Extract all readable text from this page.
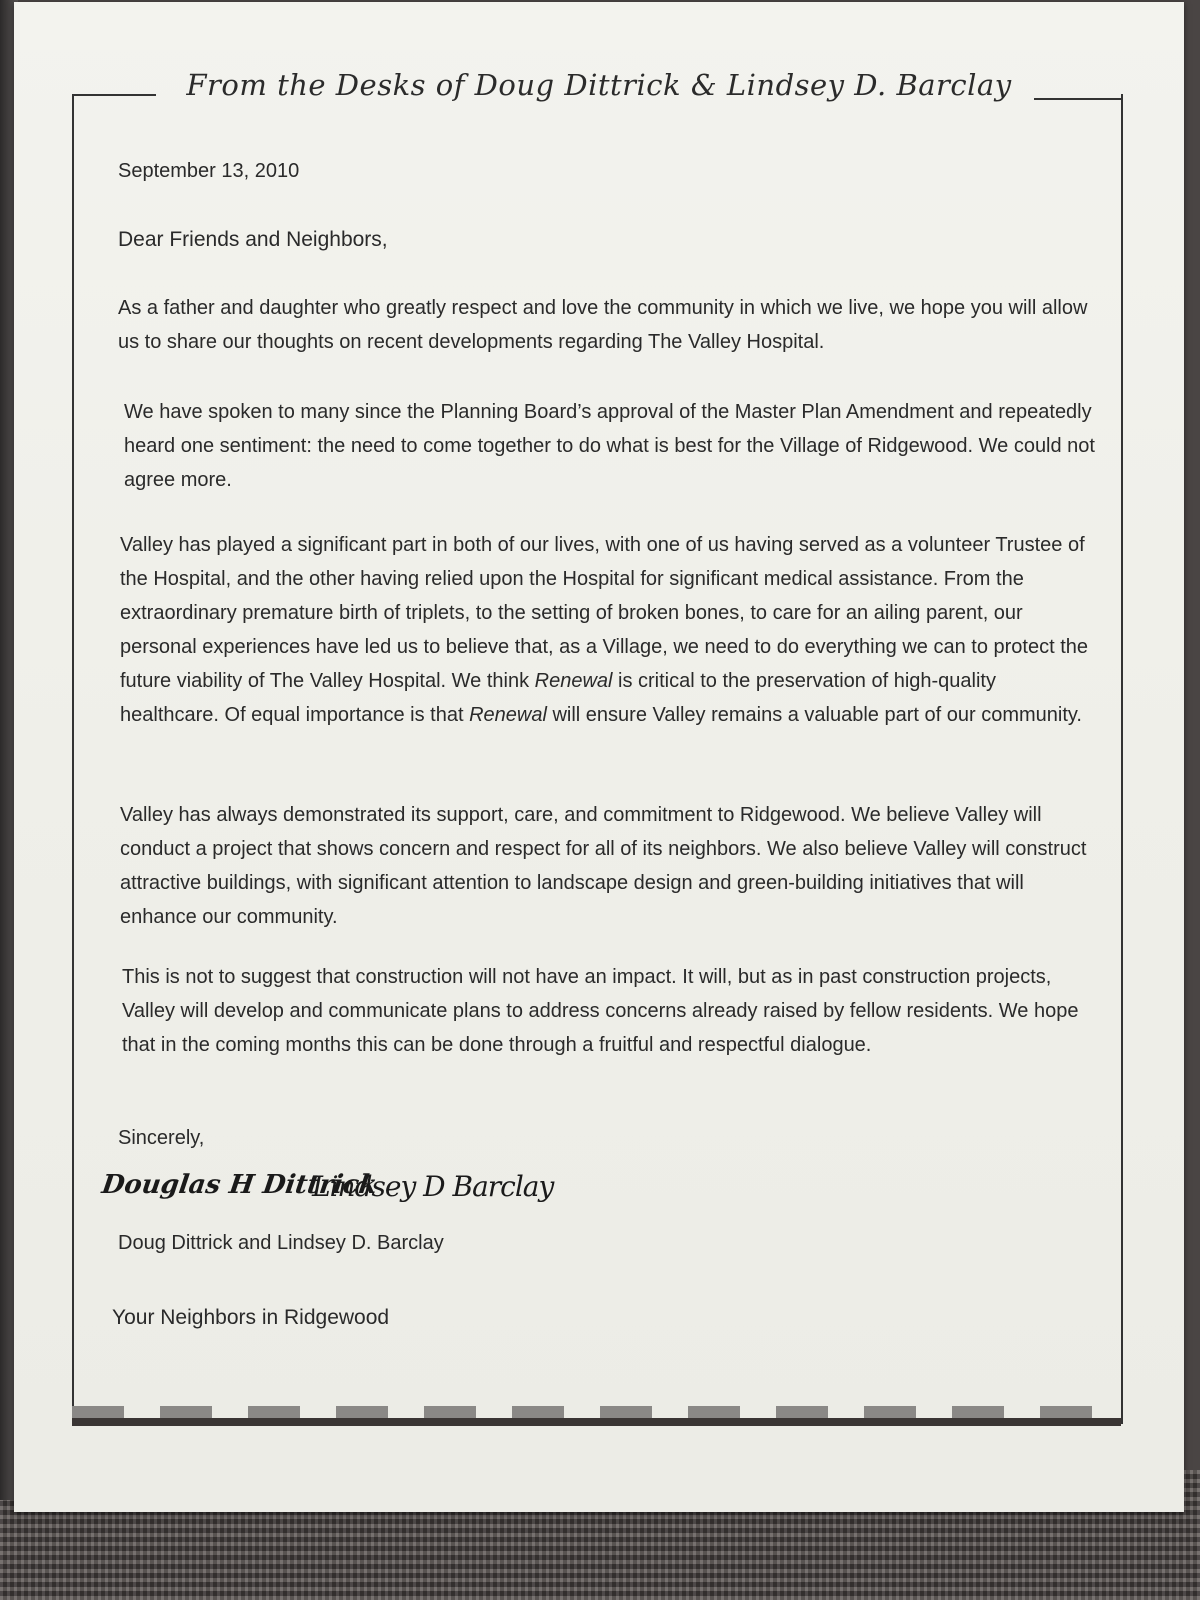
From the Desks of Doug Dittrick & Lindsey D. Barclay
September 13, 2010
Dear Friends and Neighbors,
As a father and daughter who greatly respect and love the community in which we live, we hope you will allow us to share our thoughts on recent developments regarding The Valley Hospital.
We have spoken to many since the Planning Board’s approval of the Master Plan Amendment and repeatedly heard one sentiment: the need to come together to do what is best for the Village of Ridgewood. We could not agree more.
Valley has played a significant part in both of our lives, with one of us having served as a volunteer Trustee of the Hospital, and the other having relied upon the Hospital for significant medical assistance. From the extraordinary premature birth of triplets, to the setting of broken bones, to care for an ailing parent, our personal experiences have led us to believe that, as a Village, we need to do everything we can to protect the future viability of The Valley Hospital. We think Renewal is critical to the preservation of high-quality healthcare. Of equal importance is that Renewal will ensure Valley remains a valuable part of our community.
Valley has always demonstrated its support, care, and commitment to Ridgewood. We believe Valley will conduct a project that shows concern and respect for all of its neighbors. We also believe Valley will construct attractive buildings, with significant attention to landscape design and green-building initiatives that will enhance our community.
This is not to suggest that construction will not have an impact. It will, but as in past construction projects, Valley will develop and communicate plans to address concerns already raised by fellow residents. We hope that in the coming months this can be done through a fruitful and respectful dialogue.
Sincerely,
Douglas H Dittrick
Lindsey D Barclay
Doug Dittrick and Lindsey D. Barclay
Your Neighbors in Ridgewood
